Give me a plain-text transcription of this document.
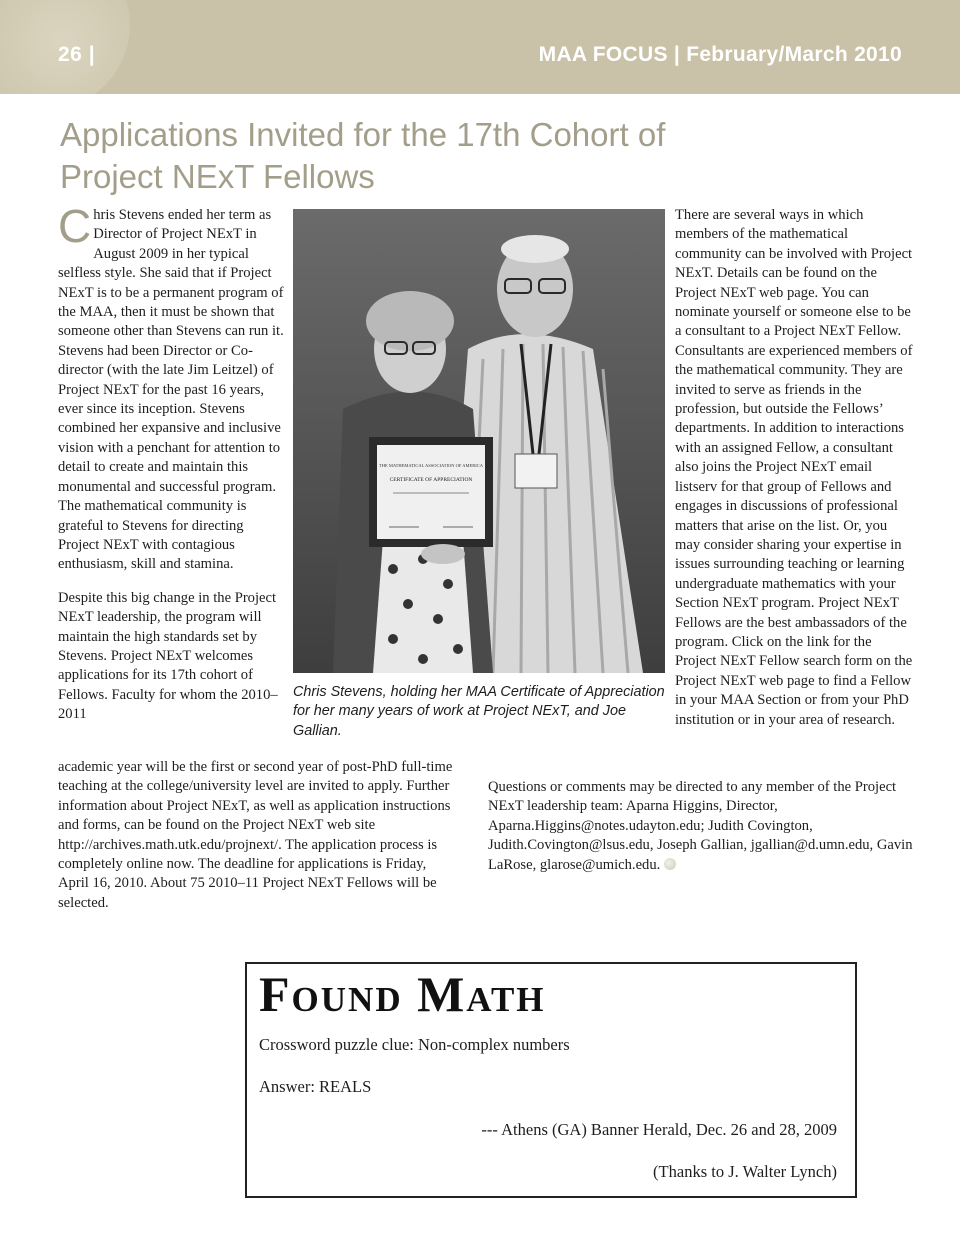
26 |	MAA FOCUS | February/March 2010
Applications Invited for the 17th Cohort of Project NExT Fellows

Chris Stevens ended her term as Director of Project NExT in August 2009 in her typical selfless style. She said that if Project NExT is to be a permanent program of the MAA, then it must be shown that someone other than Stevens can run it. Stevens had been Director or Co-director (with the late Jim Leitzel) of Project NExT for the past 16 years, ever since its inception. Stevens combined her expansive and inclusive vision with a penchant for attention to detail to create and maintain this monumental and successful program. The mathematical community is grateful to Stevens for directing Project NExT with contagious enthusiasm, skill and stamina.

Despite this big change in the Project NExT leadership, the program will maintain the high standards set by Stevens. Project NExT welcomes applications for its 17th cohort of Fellows. Faculty for whom the 2010–2011

academic year will be the first or second year of post-PhD full-time teaching at the college/university level are invited to apply. Further information about Project NExT, as well as application instructions and forms, can be found on the Project NExT web site http://archives.math.utk.edu/projnext/. The application process is completely online now. The deadline for applications is Friday, April 16, 2010. About 75 2010–11 Project NExT Fellows will be selected.
THE MATHEMATICAL ASSOCIATION OF AMERICA
CERTIFICATE OF APPRECIATION
Chris Stevens, holding her MAA Certificate of Appreciation for her many years of work at Project NExT, and Joe Gallian.

There are several ways in which members of the mathematical community can be involved with Project NExT. Details can be found on the Project NExT web page. You can nominate yourself or someone else to be a consultant to a Project NExT Fellow. Consultants are experienced members of the mathematical community. They are invited to serve as friends in the profession, but outside the Fellows’ departments. In addition to interactions with an assigned Fellow, a consultant also joins the Project NExT email listserv for that group of Fellows and engages in discussions of professional matters that arise on the list. Or, you may consider sharing your expertise in issues surrounding teaching or learning undergraduate mathematics with your Section NExT program. Project NExT Fellows are the best ambassadors of the program. Click on the link for the Project NExT Fellow search form on the Project NExT web page to find a Fellow in your MAA Section or from your PhD institution or in your area of research.

Questions or comments may be directed to any member of the Project NExT leadership team: Aparna Higgins, Director, Aparna.Higgins@notes.udayton.edu; Judith Covington, Judith.Covington@lsus.edu, Joseph Gallian, jgallian@d.umn.edu, Gavin LaRose, glarose@umich.edu.

Found Math
Crossword puzzle clue: Non-complex numbers
Answer: REALS
--- Athens (GA) Banner Herald, Dec. 26 and 28, 2009
(Thanks to J. Walter Lynch)
